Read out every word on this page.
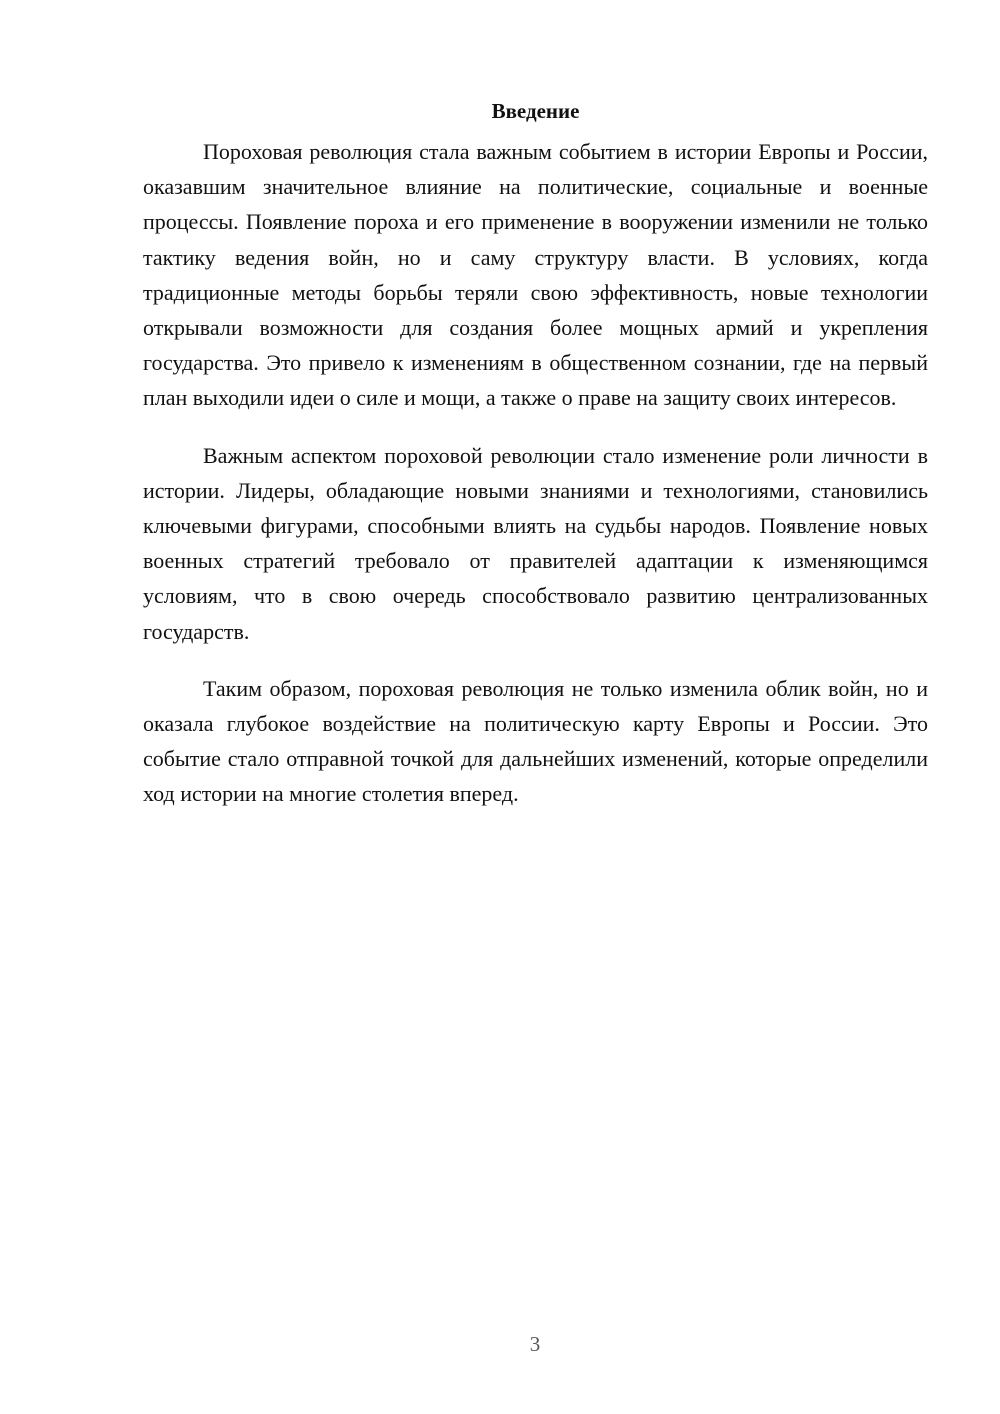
Введение

Пороховая революция стала важным событием в истории Европы и России, оказавшим значительное влияние на политические, социальные и военные процессы. Появление пороха и его применение в вооружении изменили не только тактику ведения войн, но и саму структуру власти. В условиях, когда традиционные методы борьбы теряли свою эффективность, новые технологии открывали возможности для создания более мощных армий и укрепления государства. Это привело к изменениям в общественном сознании, где на первый план выходили идеи о силе и мощи, а также о праве на защиту своих интересов.

Важным аспектом пороховой революции стало изменение роли личности в истории. Лидеры, обладающие новыми знаниями и технологиями, становились ключевыми фигурами, способными влиять на судьбы народов. Появление новых военных стратегий требовало от правителей адаптации к изменяющимся условиям, что в свою очередь способствовало развитию централизованных государств.

Таким образом, пороховая революция не только изменила облик войн, но и оказала глубокое воздействие на политическую карту Европы и России. Это событие стало отправной точкой для дальнейших изменений, которые определили ход истории на многие столетия вперед.

3
